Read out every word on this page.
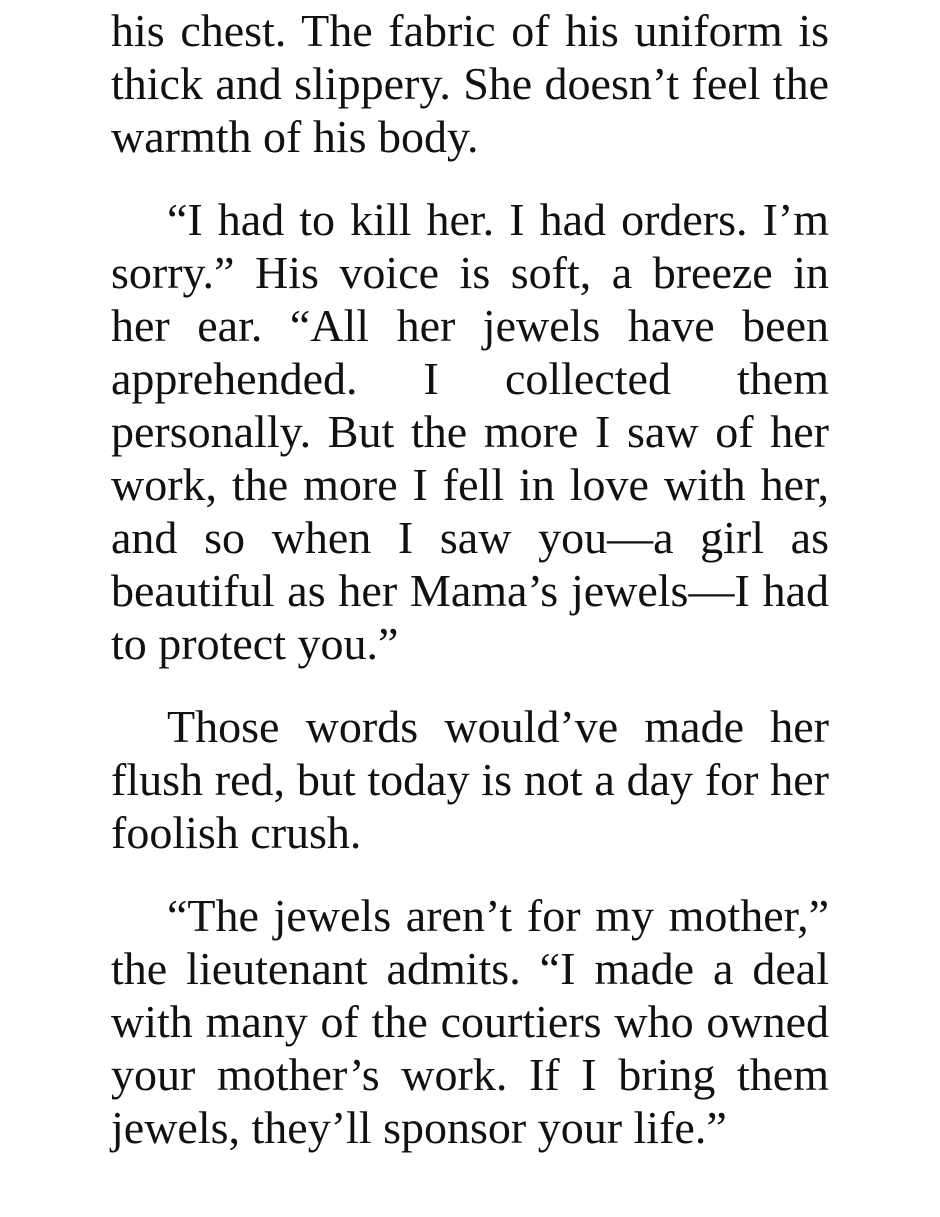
his chest. The fabric of his uniform is thick and slippery. She doesn’t feel the warmth of his body.

“I had to kill her. I had orders. I’m sorry.” His voice is soft, a breeze in her ear. “All her jewels have been apprehended. I collected them personally. But the more I saw of her work, the more I fell in love with her, and so when I saw you—a girl as beautiful as her Mama’s jewels—I had to protect you.”

Those words would’ve made her flush red, but today is not a day for her foolish crush.

“The jewels aren’t for my mother,” the lieutenant admits. “I made a deal with many of the courtiers who owned your mother’s work. If I bring them jewels, they’ll sponsor your life.”
